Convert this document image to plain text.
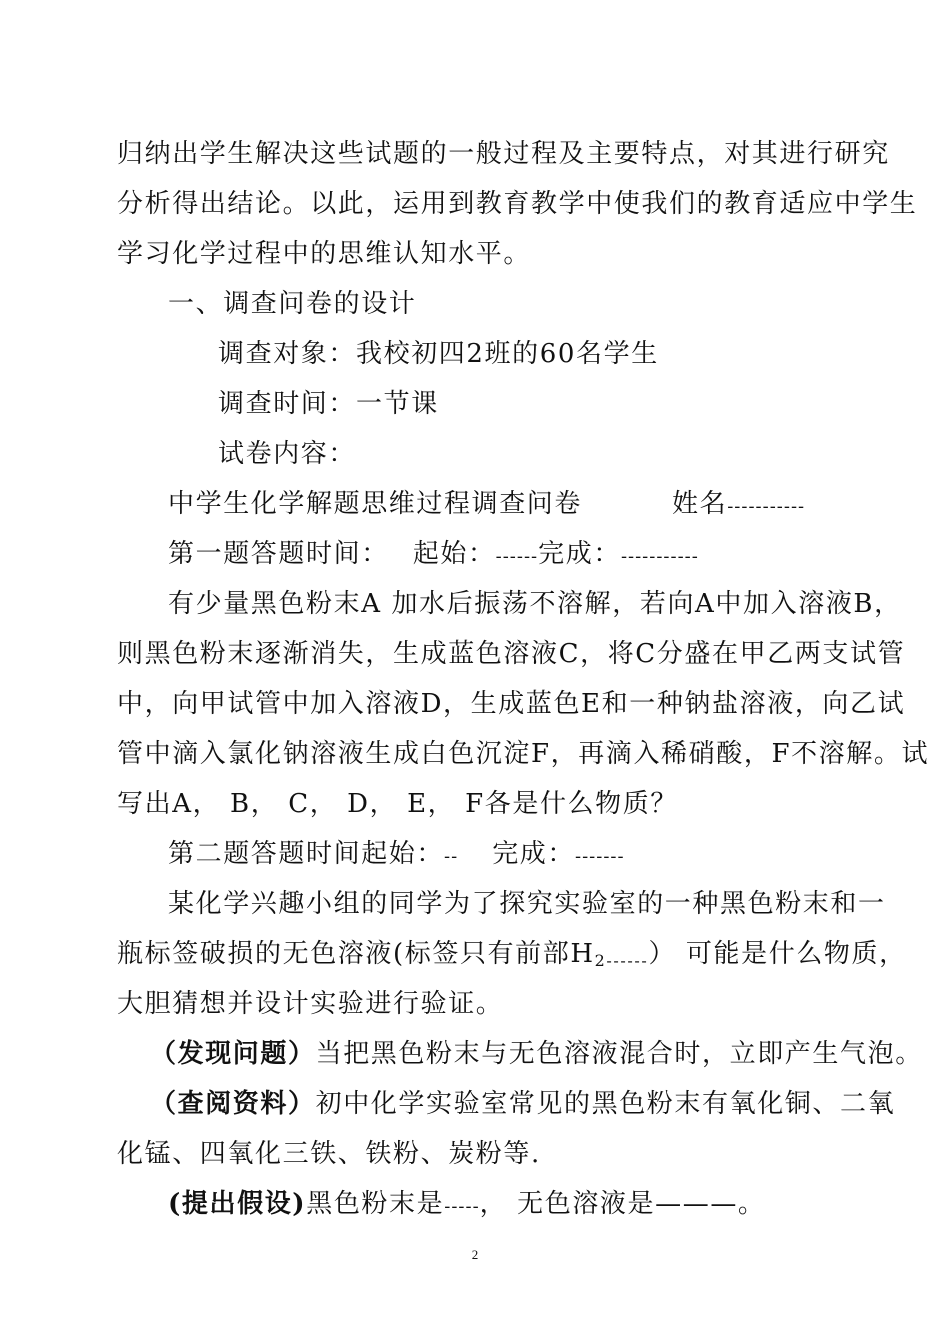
归纳出学生解决这些试题的一般过程及主要特点，对其进行研究
分析得出结论。以此，运用到教育教学中使我们的教育适应中学生
学习化学过程中的思维认知水平。
一、调查问卷的设计
调查对象：我校初四2班的60名学生
调查时间：一节课
试卷内容：
中学生化学解题思维过程调查问卷	姓名-----------
第一题答题时间： 起始：------完成：-----------
有少量黑色粉末A 加水后振荡不溶解，若向A中加入溶液B，
则黑色粉末逐渐消失，生成蓝色溶液C，将C分盛在甲乙两支试管
中，向甲试管中加入溶液D，生成蓝色E和一种钠盐溶液，向乙试
管中滴入氯化钠溶液生成白色沉淀F，再滴入稀硝酸，F不溶解。试
写出A， B， C， D， E， F各是什么物质？
第二题答题时间起始：-- 完成：-------
某化学兴趣小组的同学为了探究实验室的一种黑色粉末和一
瓶标签破损的无色溶液(标签只有前部$H_{2------}$） 可能是什么物质，
大胆猜想并设计实验进行验证。
（发现问题）当把黑色粉末与无色溶液混合时，立即产生气泡。
（查阅资料）初中化学实验室常见的黑色粉末有氧化铜、二氧
化锰、四氧化三铁、铁粉、炭粉等.
(提出假设)黑色粉末是-----， 无色溶液是———。
2
